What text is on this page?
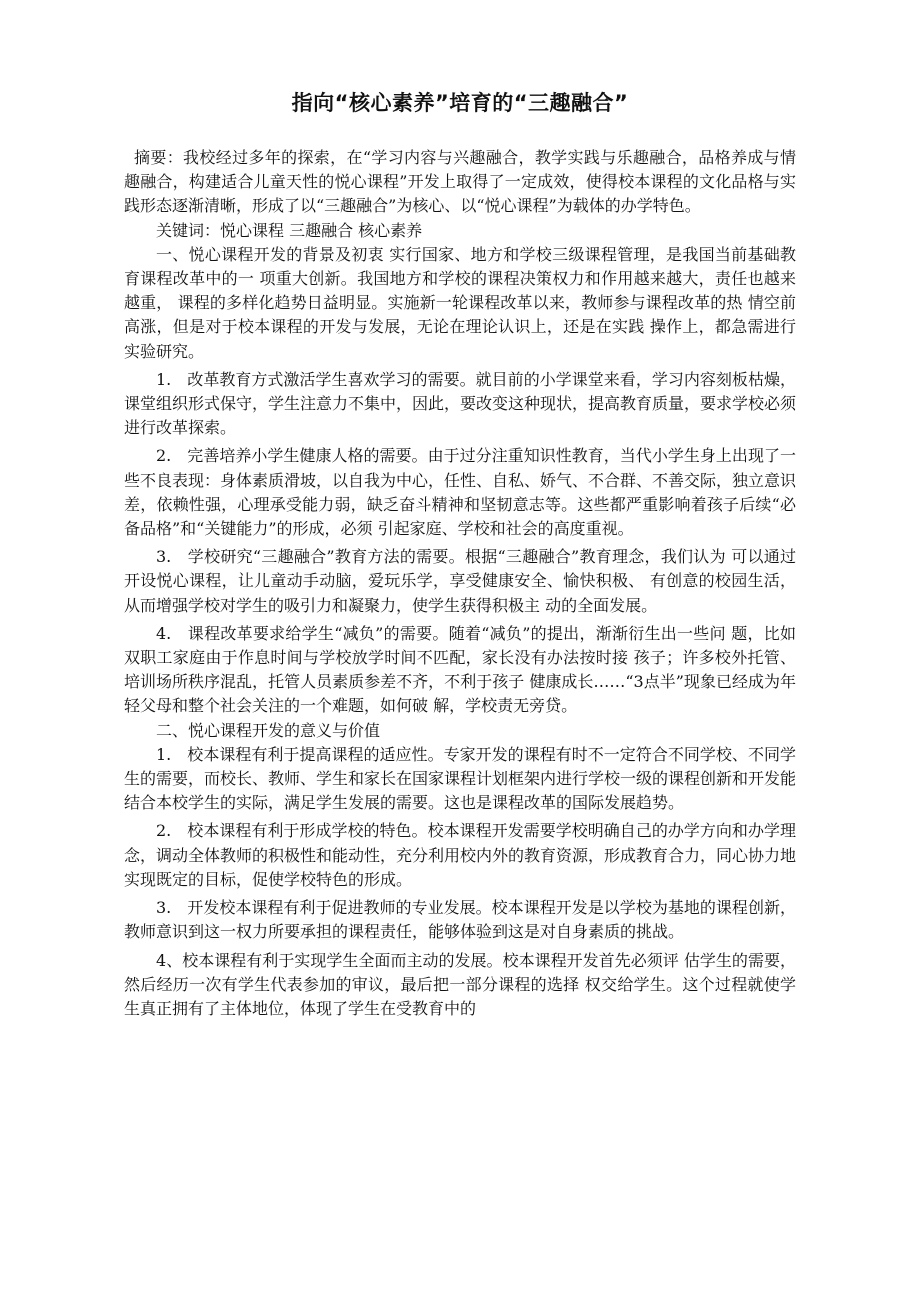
指向“核心素养”培育的“三趣融合”

摘要：我校经过多年的探索，在“学习内容与兴趣融合，教学实践与乐趣融合，品格养成与情趣融合，构建适合儿童天性的悦心课程”开发上取得了一定成效，使得校本课程的文化品格与实践形态逐渐清晰，形成了以“三趣融合”为核心、以“悦心课程”为载体的办学特色。

关键词：悦心课程 三趣融合 核心素养

一、悦心课程开发的背景及初衷 实行国家、地方和学校三级课程管理，是我国当前基础教育课程改革中的一 项重大创新。我国地方和学校的课程决策权力和作用越来越大，责任也越来越重， 课程的多样化趋势日益明显。实施新一轮课程改革以来，教师参与课程改革的热 情空前高涨，但是对于校本课程的开发与发展，无论在理论认识上，还是在实践 操作上，都急需进行实验研究。

1.　改革教育方式激活学生喜欢学习的需要。就目前的小学课堂来看，学习内容刻板枯燥，课堂组织形式保守，学生注意力不集中，因此，要改变这种现状，提高教育质量，要求学校必须进行改革探索。

2.　完善培养小学生健康人格的需要。由于过分注重知识性教育，当代小学生身上出现了一些不良表现：身体素质滑坡，以自我为中心，任性、自私、娇气、不合群、不善交际，独立意识差，依赖性强，心理承受能力弱，缺乏奋斗精神和坚韧意志等。这些都严重影响着孩子后续“必备品格”和“关键能力”的形成，必须 引起家庭、学校和社会的高度重视。

3.　学校研究“三趣融合”教育方法的需要。根据“三趣融合”教育理念，我们认为 可以通过开设悦心课程，让儿童动手动脑，爱玩乐学，享受健康安全、愉快积极、 有创意的校园生活，从而增强学校对学生的吸引力和凝聚力，使学生获得积极主 动的全面发展。

4.　课程改革要求给学生“减负”的需要。随着“减负”的提出，渐渐衍生出一些问 题，比如双职工家庭由于作息时间与学校放学时间不匹配，家长没有办法按时接 孩子；许多校外托管、培训场所秩序混乱，托管人员素质参差不齐，不利于孩子 健康成长……“3点半”现象已经成为年轻父母和整个社会关注的一个难题，如何破 解，学校责无旁贷。

二、悦心课程开发的意义与价值

1.　校本课程有利于提高课程的适应性。专家开发的课程有时不一定符合不同学校、不同学生的需要，而校长、教师、学生和家长在国家课程计划框架内进行学校一级的课程创新和开发能结合本校学生的实际，满足学生发展的需要。这也是课程改革的国际发展趋势。

2.　校本课程有利于形成学校的特色。校本课程开发需要学校明确自己的办学方向和办学理念，调动全体教师的积极性和能动性，充分利用校内外的教育资源，形成教育合力，同心协力地实现既定的目标，促使学校特色的形成。

3.　开发校本课程有利于促进教师的专业发展。校本课程开发是以学校为基地的课程创新，教师意识到这一权力所要承担的课程责任，能够体验到这是对自身素质的挑战。

4、校本课程有利于实现学生全面而主动的发展。校本课程开发首先必须评 估学生的需要，然后经历一次有学生代表参加的审议，最后把一部分课程的选择 权交给学生。这个过程就使学生真正拥有了主体地位，体现了学生在受教育中的
